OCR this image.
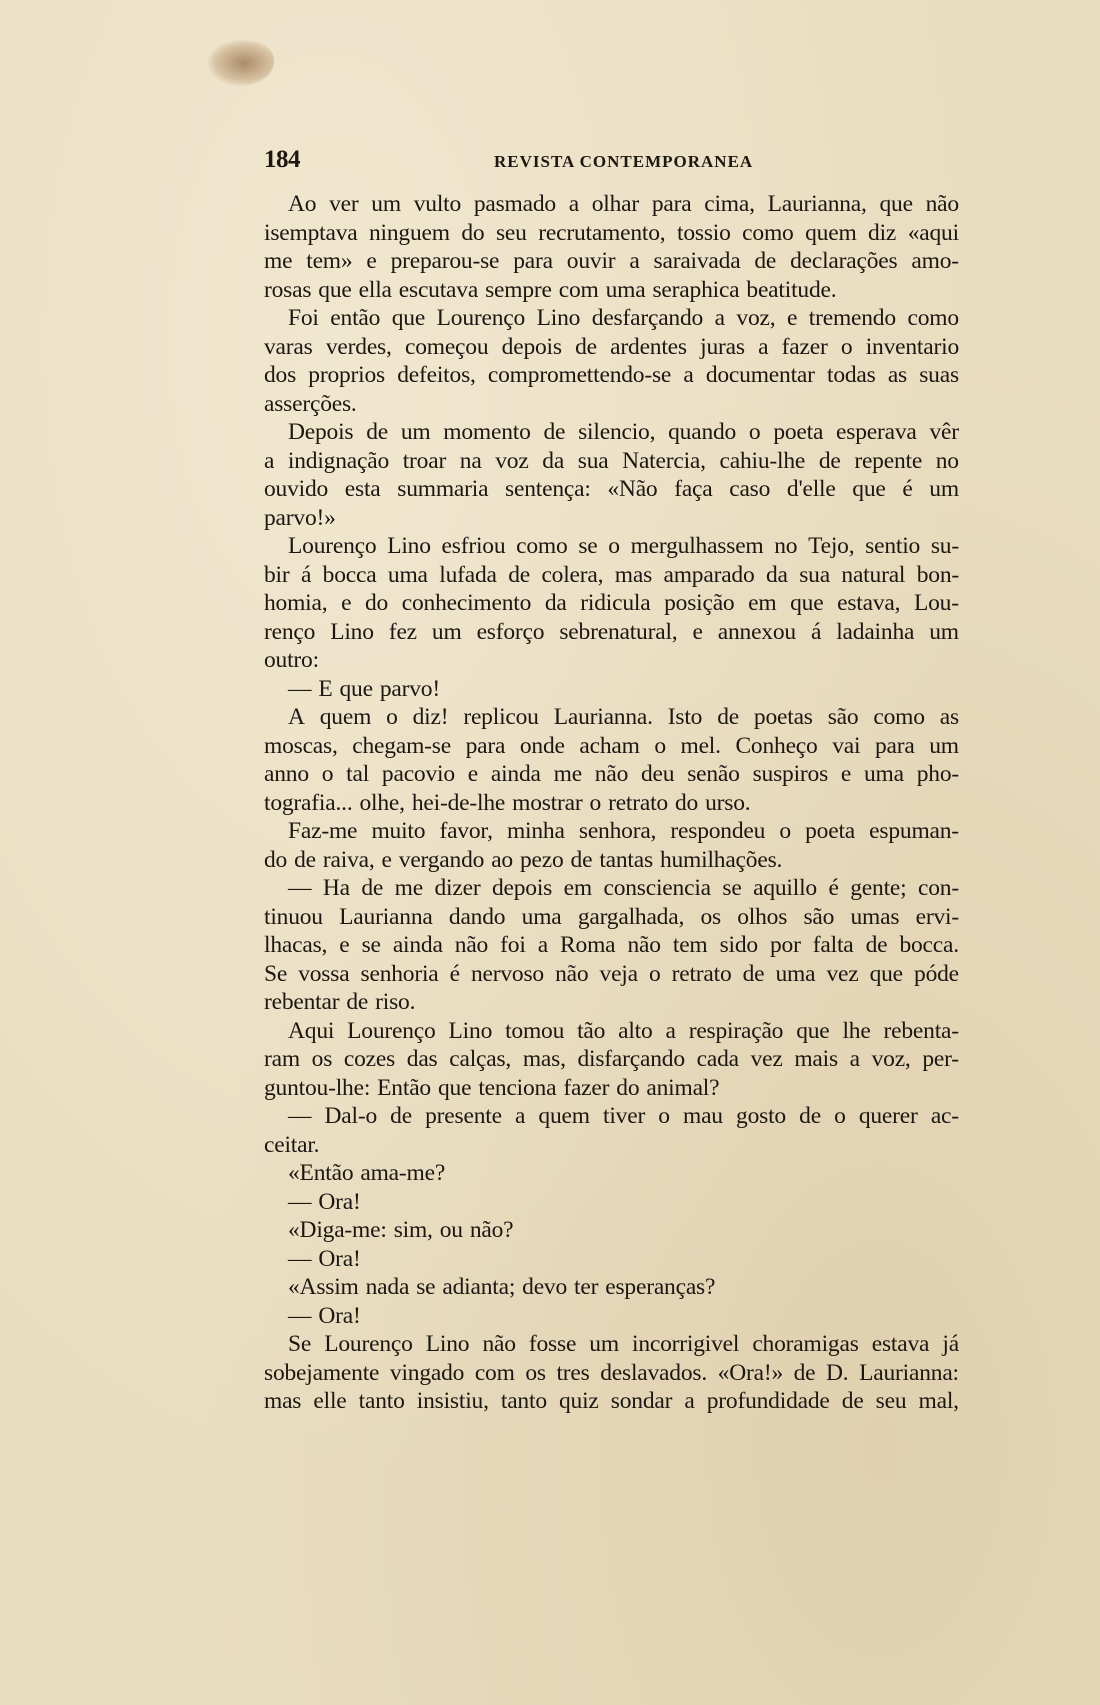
184	REVISTA CONTEMPORANEA
Ao ver um vulto pasmado a olhar para cima, Laurianna, que não
isemptava ninguem do seu recrutamento, tossio como quem diz «aqui
me tem» e preparou-se para ouvir a saraivada de declarações amo-
rosas que ella escutava sempre com uma seraphica beatitude.
Foi então que Lourenço Lino desfarçando a voz, e tremendo como
varas verdes, começou depois de ardentes juras a fazer o inventario
dos proprios defeitos, compromettendo-se a documentar todas as suas
asserções.
Depois de um momento de silencio, quando o poeta esperava vêr
a indignação troar na voz da sua Natercia, cahiu-lhe de repente no
ouvido esta summaria sentença: «Não faça caso d'elle que é um
parvo!»
Lourenço Lino esfriou como se o mergulhassem no Tejo, sentio su-
bir á bocca uma lufada de colera, mas amparado da sua natural bon-
homia, e do conhecimento da ridicula posição em que estava, Lou-
renço Lino fez um esforço sebrenatural, e annexou á ladainha um
outro:
— E que parvo!
A quem o diz! replicou Laurianna. Isto de poetas são como as
moscas, chegam-se para onde acham o mel. Conheço vai para um
anno o tal pacovio e ainda me não deu senão suspiros e uma pho-
tografia... olhe, hei-de-lhe mostrar o retrato do urso.
Faz-me muito favor, minha senhora, respondeu o poeta espuman-
do de raiva, e vergando ao pezo de tantas humilhações.
— Ha de me dizer depois em consciencia se aquillo é gente; con-
tinuou Laurianna dando uma gargalhada, os olhos são umas ervi-
lhacas, e se ainda não foi a Roma não tem sido por falta de bocca.
Se vossa senhoria é nervoso não veja o retrato de uma vez que póde
rebentar de riso.
Aqui Lourenço Lino tomou tão alto a respiração que lhe rebenta-
ram os cozes das calças, mas, disfarçando cada vez mais a voz, per-
guntou-lhe: Então que tenciona fazer do animal?
— Dal-o de presente a quem tiver o mau gosto de o querer ac-
ceitar.
«Então ama-me?
— Ora!
«Diga-me: sim, ou não?
— Ora!
«Assim nada se adianta; devo ter esperanças?
— Ora!
Se Lourenço Lino não fosse um incorrigivel choramigas estava já
sobejamente vingado com os tres deslavados. «Ora!» de D. Laurianna:
mas elle tanto insistiu, tanto quiz sondar a profundidade de seu mal,
